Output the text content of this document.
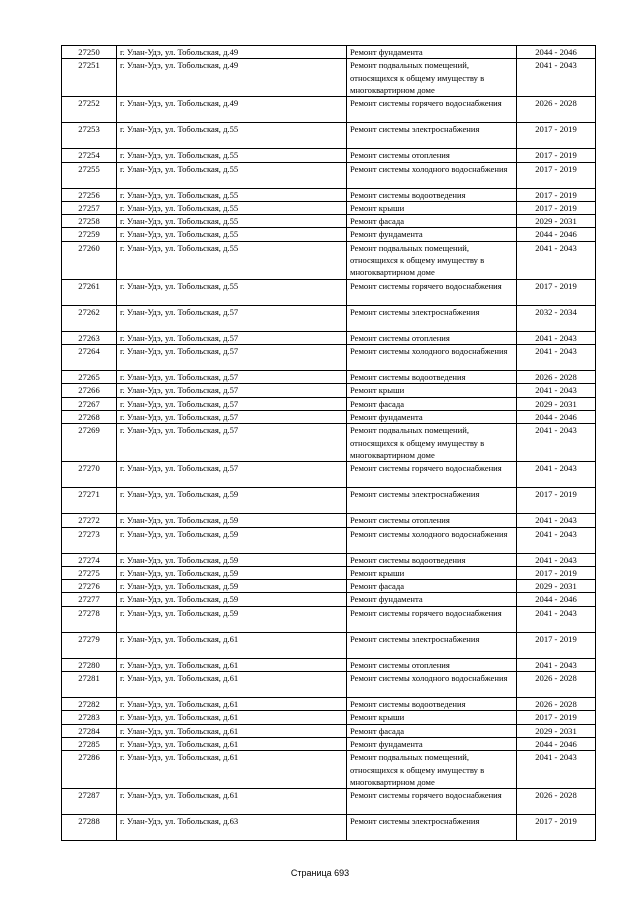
27250	г. Улан-Удэ, ул. Тобольская, д.49	Ремонт фундамента	2044 - 2046
27251	г. Улан-Удэ, ул. Тобольская, д.49	Ремонт подвальных помещений, относящихся к общему имуществу в многоквартирном доме	2041 - 2043
27252	г. Улан-Удэ, ул. Тобольская, д.49	Ремонт системы горячего водоснабжения	2026 - 2028
27253	г. Улан-Удэ, ул. Тобольская, д.55	Ремонт системы электроснабжения	2017 - 2019
27254	г. Улан-Удэ, ул. Тобольская, д.55	Ремонт системы отопления	2017 - 2019
27255	г. Улан-Удэ, ул. Тобольская, д.55	Ремонт системы холодного водоснабжения	2017 - 2019
27256	г. Улан-Удэ, ул. Тобольская, д.55	Ремонт системы водоотведения	2017 - 2019
27257	г. Улан-Удэ, ул. Тобольская, д.55	Ремонт крыши	2017 - 2019
27258	г. Улан-Удэ, ул. Тобольская, д.55	Ремонт фасада	2029 - 2031
27259	г. Улан-Удэ, ул. Тобольская, д.55	Ремонт фундамента	2044 - 2046
27260	г. Улан-Удэ, ул. Тобольская, д.55	Ремонт подвальных помещений, относящихся к общему имуществу в многоквартирном доме	2041 - 2043
27261	г. Улан-Удэ, ул. Тобольская, д.55	Ремонт системы горячего водоснабжения	2017 - 2019
27262	г. Улан-Удэ, ул. Тобольская, д.57	Ремонт системы электроснабжения	2032 - 2034
27263	г. Улан-Удэ, ул. Тобольская, д.57	Ремонт системы отопления	2041 - 2043
27264	г. Улан-Удэ, ул. Тобольская, д.57	Ремонт системы холодного водоснабжения	2041 - 2043
27265	г. Улан-Удэ, ул. Тобольская, д.57	Ремонт системы водоотведения	2026 - 2028
27266	г. Улан-Удэ, ул. Тобольская, д.57	Ремонт крыши	2041 - 2043
27267	г. Улан-Удэ, ул. Тобольская, д.57	Ремонт фасада	2029 - 2031
27268	г. Улан-Удэ, ул. Тобольская, д.57	Ремонт фундамента	2044 - 2046
27269	г. Улан-Удэ, ул. Тобольская, д.57	Ремонт подвальных помещений, относящихся к общему имуществу в многоквартирном доме	2041 - 2043
27270	г. Улан-Удэ, ул. Тобольская, д.57	Ремонт системы горячего водоснабжения	2041 - 2043
27271	г. Улан-Удэ, ул. Тобольская, д.59	Ремонт системы электроснабжения	2017 - 2019
27272	г. Улан-Удэ, ул. Тобольская, д.59	Ремонт системы отопления	2041 - 2043
27273	г. Улан-Удэ, ул. Тобольская, д.59	Ремонт системы холодного водоснабжения	2041 - 2043
27274	г. Улан-Удэ, ул. Тобольская, д.59	Ремонт системы водоотведения	2041 - 2043
27275	г. Улан-Удэ, ул. Тобольская, д.59	Ремонт крыши	2017 - 2019
27276	г. Улан-Удэ, ул. Тобольская, д.59	Ремонт фасада	2029 - 2031
27277	г. Улан-Удэ, ул. Тобольская, д.59	Ремонт фундамента	2044 - 2046
27278	г. Улан-Удэ, ул. Тобольская, д.59	Ремонт системы горячего водоснабжения	2041 - 2043
27279	г. Улан-Удэ, ул. Тобольская, д.61	Ремонт системы электроснабжения	2017 - 2019
27280	г. Улан-Удэ, ул. Тобольская, д.61	Ремонт системы отопления	2041 - 2043
27281	г. Улан-Удэ, ул. Тобольская, д.61	Ремонт системы холодного водоснабжения	2026 - 2028
27282	г. Улан-Удэ, ул. Тобольская, д.61	Ремонт системы водоотведения	2026 - 2028
27283	г. Улан-Удэ, ул. Тобольская, д.61	Ремонт крыши	2017 - 2019
27284	г. Улан-Удэ, ул. Тобольская, д.61	Ремонт фасада	2029 - 2031
27285	г. Улан-Удэ, ул. Тобольская, д.61	Ремонт фундамента	2044 - 2046
27286	г. Улан-Удэ, ул. Тобольская, д.61	Ремонт подвальных помещений, относящихся к общему имуществу в многоквартирном доме	2041 - 2043
27287	г. Улан-Удэ, ул. Тобольская, д.61	Ремонт системы горячего водоснабжения	2026 - 2028
27288	г. Улан-Удэ, ул. Тобольская, д.63	Ремонт системы электроснабжения	2017 - 2019
Страница 693
